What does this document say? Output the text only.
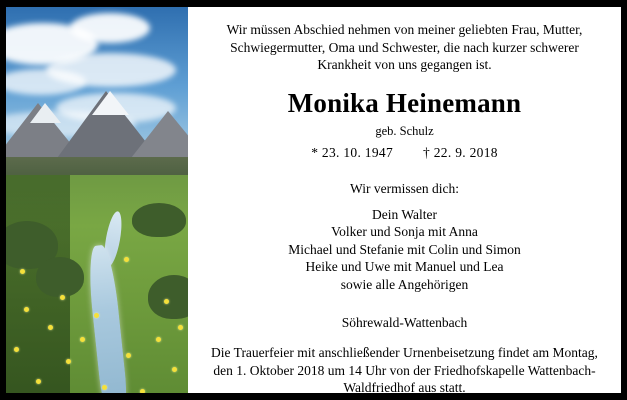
Wir müssen Abschied nehmen von meiner geliebten Frau, Mutter, Schwiegermutter, Oma und Schwester, die nach kurzer schwerer Krankheit von uns gegangen ist.

Monika Heinemann
geb. Schulz
* 23. 10. 1947 † 22. 9. 2018
Wir vermissen dich:
Dein Walter
Volker und Sonja mit Anna
Michael und Stefanie mit Colin und Simon
Heike und Uwe mit Manuel und Lea
sowie alle Angehörigen
Söhrewald-Wattenbach

Die Trauerfeier mit anschließender Urnenbeisetzung findet am Montag, den 1. Oktober 2018 um 14 Uhr von der Friedhofskapelle Wattenbach-Waldfriedhof aus statt.
